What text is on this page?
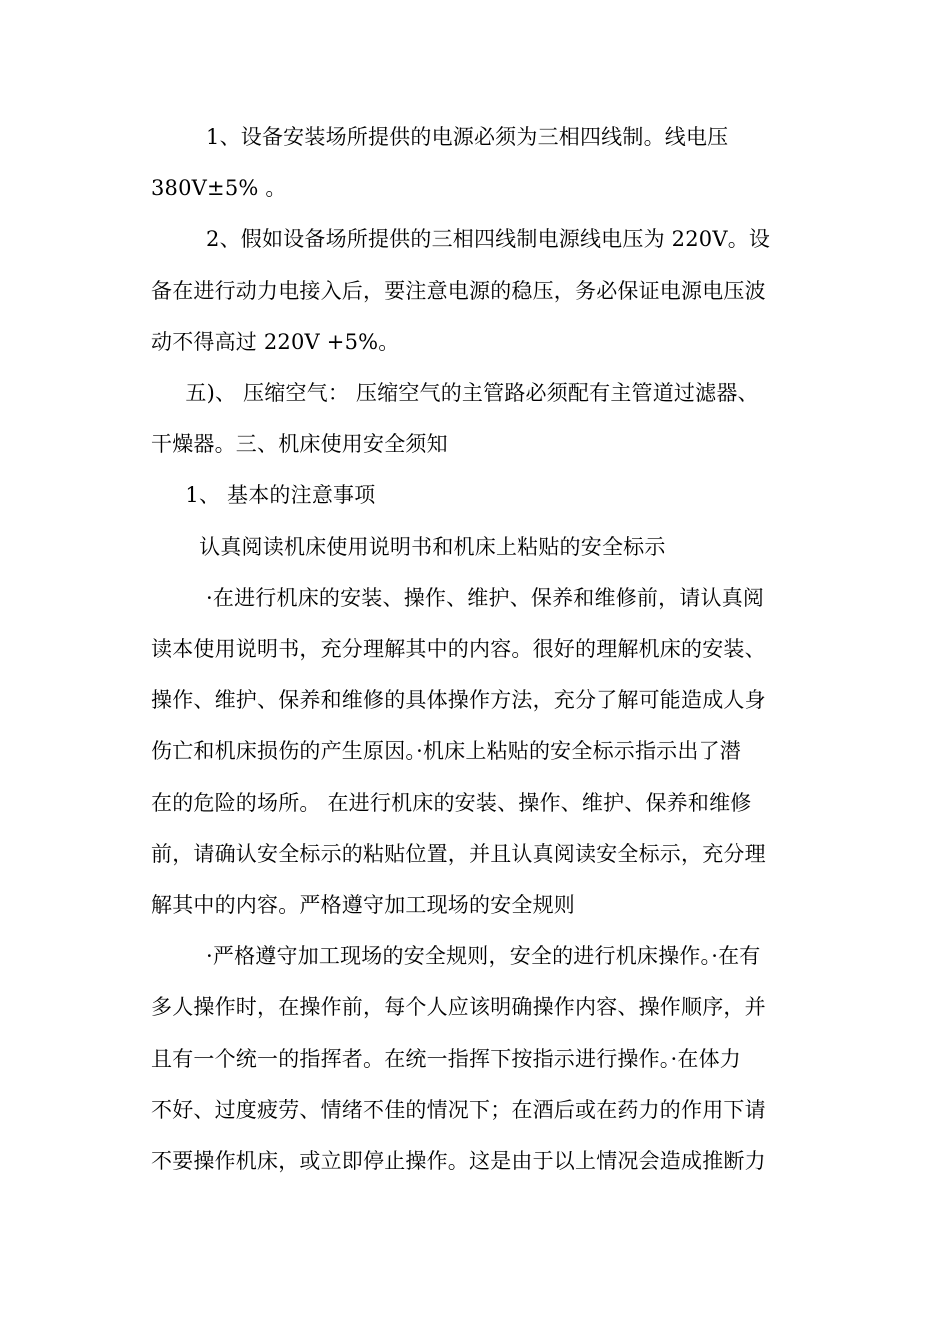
1、设备安装场所提供的电源必须为三相四线制。线电压

380V±5% 。

2、假如设备场所提供的三相四线制电源线电压为 220V。设

备在进行动力电接入后，要注意电源的稳压，务必保证电源电压波

动不得高过 220V +5%。

五)、 压缩空气： 压缩空气的主管路必须配有主管道过滤器、

干燥器。三、机床使用安全须知

1、 基本的注意事项

认真阅读机床使用说明书和机床上粘贴的安全标示

·在进行机床的安装、操作、维护、保养和维修前，请认真阅

读本使用说明书，充分理解其中的内容。很好的理解机床的安装、

操作、维护、保养和维修的具体操作方法，充分了解可能造成人身

伤亡和机床损伤的产生原因。·机床上粘贴的安全标示指示出了潜

在的危险的场所。 在进行机床的安装、操作、维护、保养和维修

前，请确认安全标示的粘贴位置，并且认真阅读安全标示，充分理

解其中的内容。严格遵守加工现场的安全规则

·严格遵守加工现场的安全规则，安全的进行机床操作。·在有

多人操作时，在操作前，每个人应该明确操作内容、操作顺序，并

且有一个统一的指挥者。在统一指挥下按指示进行操作。·在体力

不好、过度疲劳、情绪不佳的情况下；在酒后或在药力的作用下请

不要操作机床，或立即停止操作。这是由于以上情况会造成推断力
